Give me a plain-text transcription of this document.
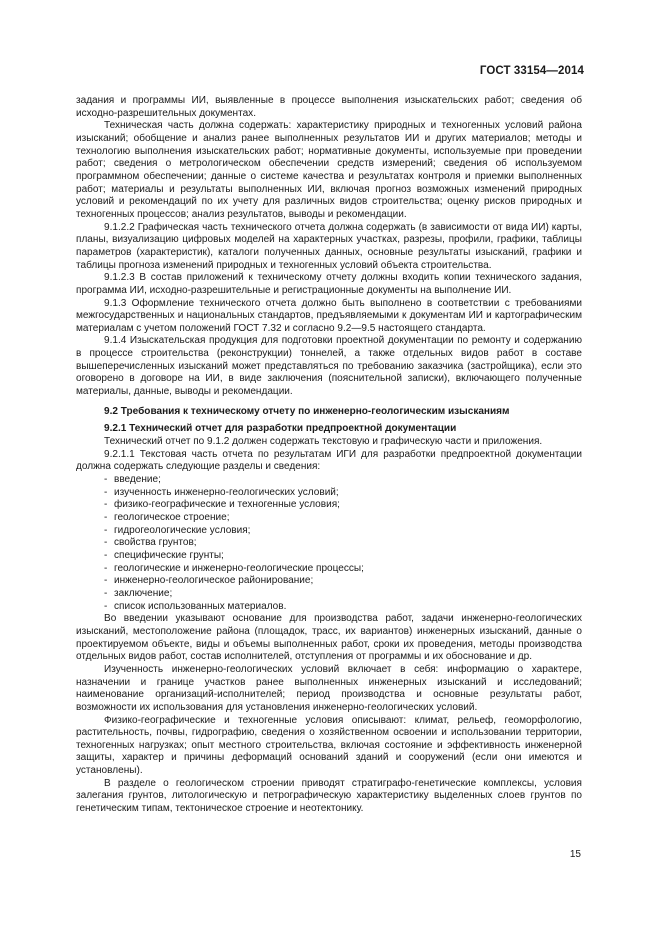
ГОСТ 33154—2014

задания и программы ИИ, выявленные в процессе выполнения изыскательских работ; сведения об исходно-разрешительных документах.

Техническая часть должна содержать: характеристику природных и техногенных условий района изысканий; обобщение и анализ ранее выполненных результатов ИИ и других материалов; методы и технологию выполнения изыскательских работ; нормативные документы, используемые при проведении работ; сведения о метрологическом обеспечении средств измерений; сведения об используемом программном обеспечении; данные о системе качества и результатах контроля и приемки выполненных работ; материалы и результаты выполненных ИИ, включая прогноз возможных изменений природных условий и рекомендаций по их учету для различных видов строительства; оценку рисков природных и техногенных процессов; анализ результатов, выводы и рекомендации.

9.1.2.2 Графическая часть технического отчета должна содержать (в зависимости от вида ИИ) карты, планы, визуализацию цифровых моделей на характерных участках, разрезы, профили, графики, таблицы параметров (характеристик), каталоги полученных данных, основные результаты изысканий, графики и таблицы прогноза изменений природных и техногенных условий объекта строительства.

9.1.2.3 В состав приложений к техническому отчету должны входить копии технического задания, программа ИИ, исходно-разрешительные и регистрационные документы на выполнение ИИ.

9.1.3 Оформление технического отчета должно быть выполнено в соответствии с требованиями межгосударственных и национальных стандартов, предъявляемыми к документам ИИ и картографическим материалам с учетом положений ГОСТ 7.32 и согласно 9.2—9.5 настоящего стандарта.

9.1.4 Изыскательская продукция для подготовки проектной документации по ремонту и содержанию в процессе строительства (реконструкции) тоннелей, а также отдельных видов работ в составе вышеперечисленных изысканий может представляться по требованию заказчика (застройщика), если это оговорено в договоре на ИИ, в виде заключения (пояснительной записки), включающего полученные материалы, данные, выводы и рекомендации.

9.2 Требования к техническому отчету по инженерно-геологическим изысканиям

9.2.1 Технический отчет для разработки предпроектной документации

Технический отчет по 9.1.2 должен содержать текстовую и графическую части и приложения.

9.2.1.1 Текстовая часть отчета по результатам ИГИ для разработки предпроектной документации должна содержать следующие разделы и сведения:

- введение;
- изученность инженерно-геологических условий;
- физико-географические и техногенные условия;
- геологическое строение;
- гидрогеологические условия;
- свойства грунтов;
- специфические грунты;
- геологические и инженерно-геологические процессы;
- инженерно-геологическое районирование;
- заключение;
- список использованных материалов.

Во введении указывают основание для производства работ, задачи инженерно-геологических изысканий, местоположение района (площадок, трасс, их вариантов) инженерных изысканий, данные о проектируемом объекте, виды и объемы выполненных работ, сроки их проведения, методы производства отдельных видов работ, состав исполнителей, отступления от программы и их обоснование и др.

Изученность инженерно-геологических условий включает в себя: информацию о характере, назначении и границе участков ранее выполненных инженерных изысканий и исследований; наименование организаций-исполнителей; период производства и основные результаты работ, возможности их использования для установления инженерно-геологических условий.

Физико-географические и техногенные условия описывают: климат, рельеф, геоморфологию, растительность, почвы, гидрографию, сведения о хозяйственном освоении и использовании территории, техногенных нагрузках; опыт местного строительства, включая состояние и эффективность инженерной защиты, характер и причины деформаций оснований зданий и сооружений (если они имеются и установлены).

В разделе о геологическом строении приводят стратиграфо-генетические комплексы, условия залегания грунтов, литологическую и петрографическую характеристику выделенных слоев грунтов по генетическим типам, тектоническое строение и неотектонику.

15
